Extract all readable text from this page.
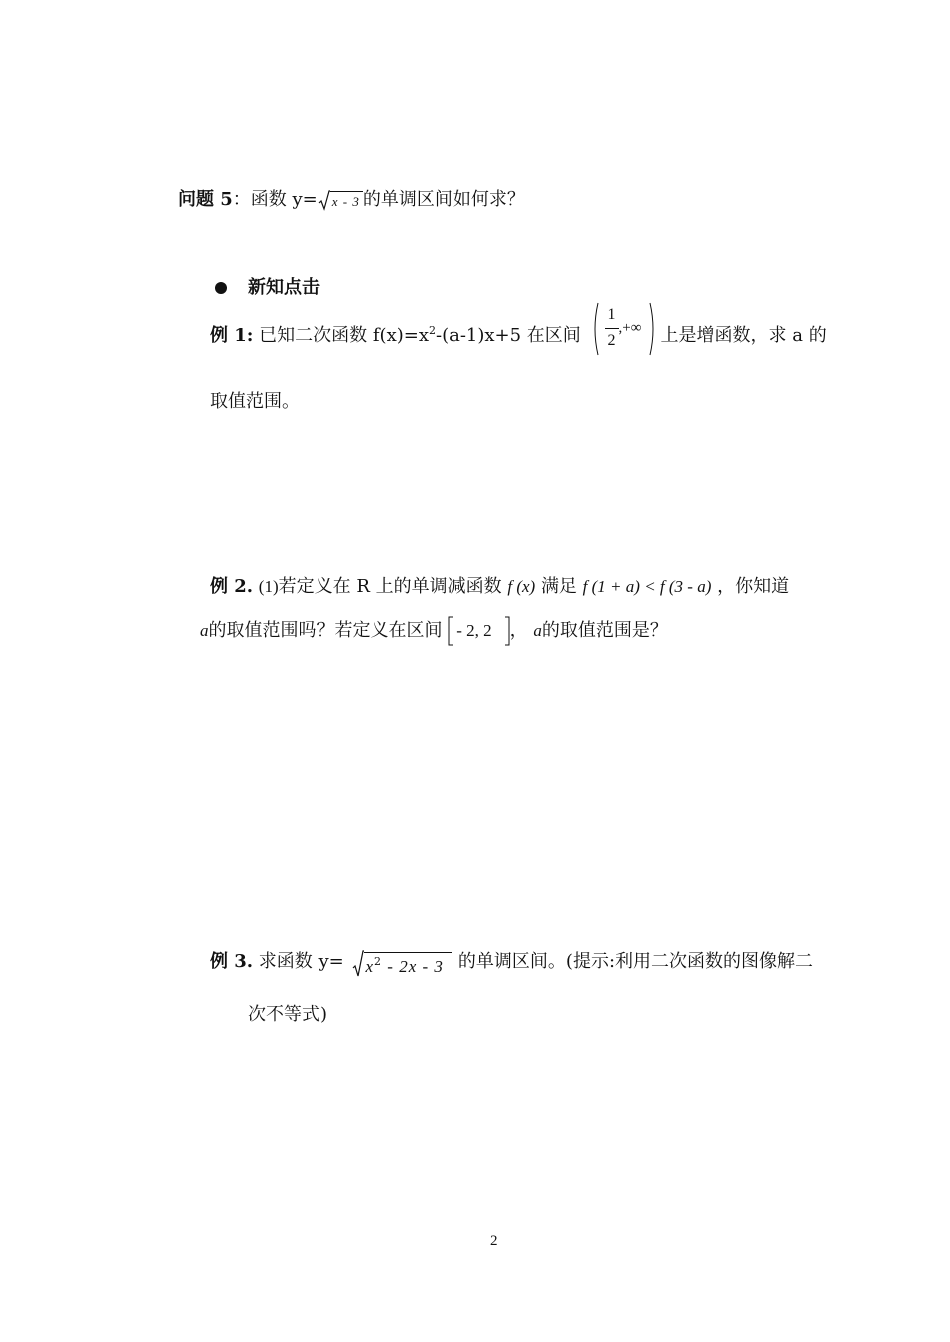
问题 5：函数 y= x - 3 的单调区间如何求？
新知点击
例 1: 已知二次函数 $f(x)=x^2-(a-1)x+5$ 在区间
1
2
,+∞ 上是增函数，求 a 的
取值范围。
例 2. (1)若定义在 R 上的单调减函数 f (x) 满足 f (1 + a) < f (3 - a) ，你知道
a的取值范围吗？若定义在区间 - 2, 2 ， a的取值范围是？
例 3. 求函数 $y= x^2 - 2x - 3$ 的单调区间。(提示:利用二次函数的图像解二
次不等式)
2
